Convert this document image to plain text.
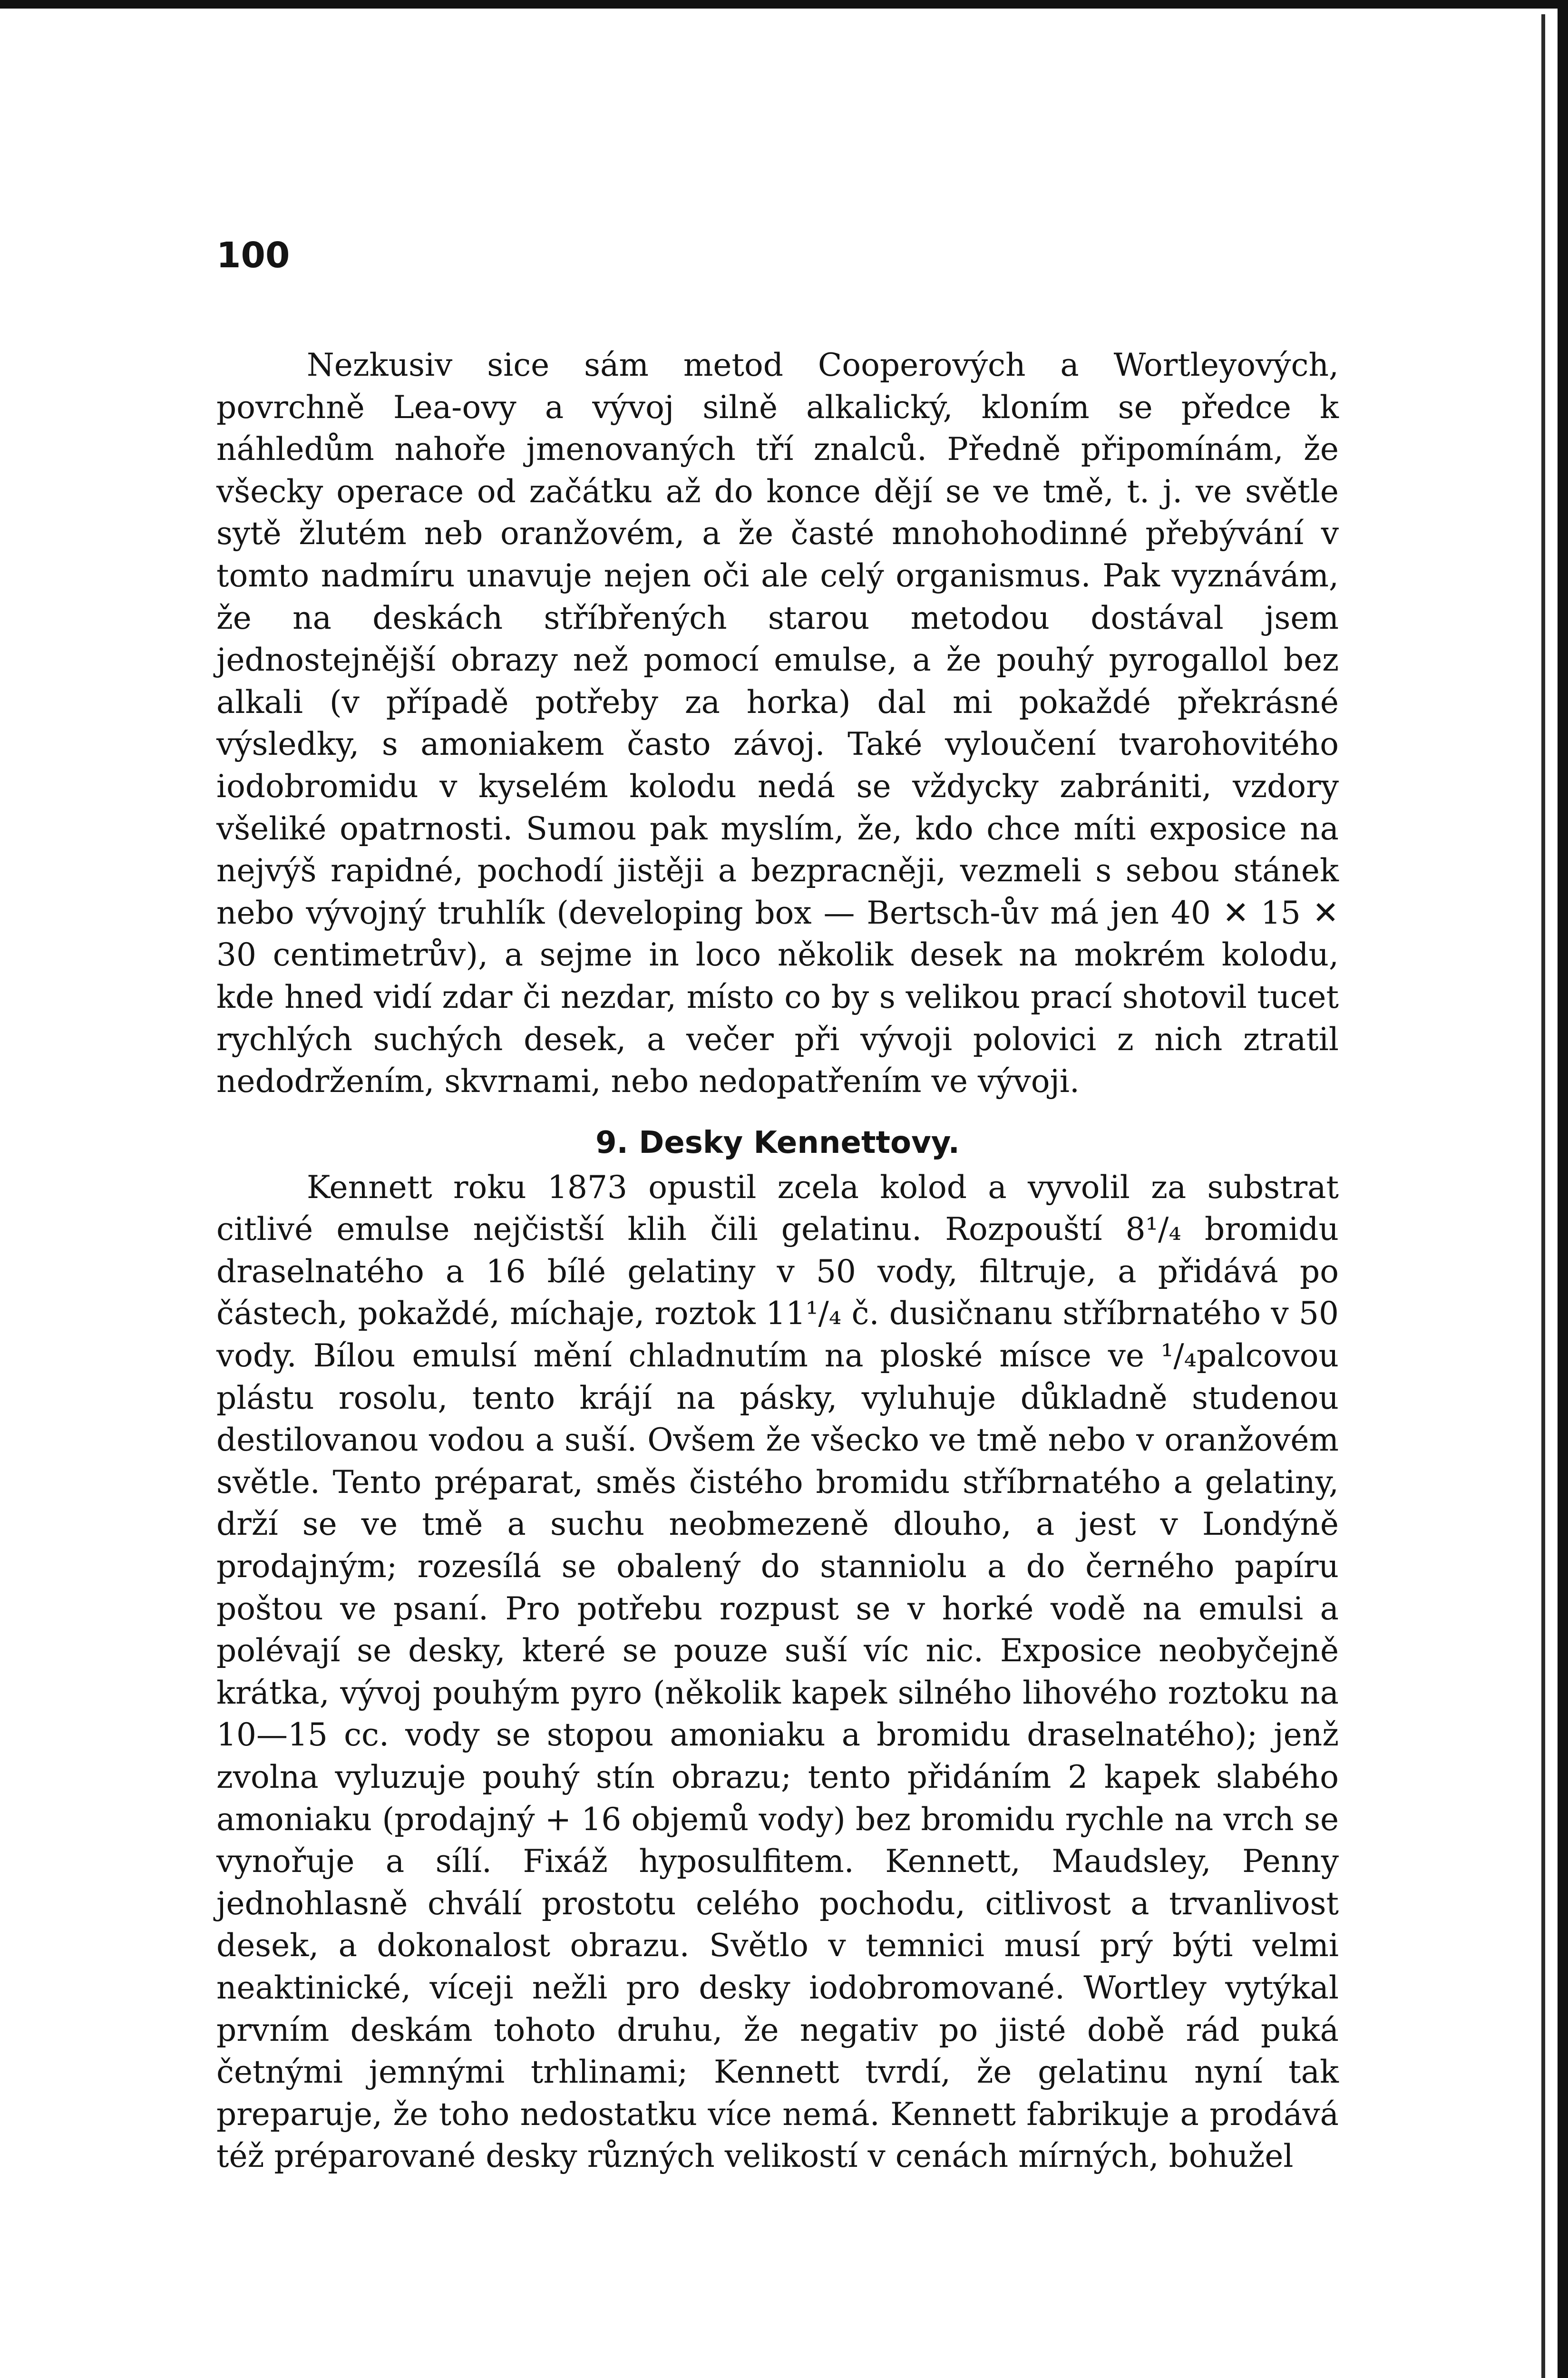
100

Nezkusiv sice sám metod Cooperových a Wortleyových, povrchně Lea-ovy a vývoj silně alkalický, kloním se předce k náhledům nahoře jmenovaných tří znalců. Předně připomínám, že všecky operace od začátku až do konce dějí se ve tmě, t. j. ve světle sytě žlutém neb oranžovém, a že časté mnohohodinné přebývání v tomto nadmíru unavuje nejen oči ale celý organismus. Pak vyznávám, že na deskách stříbřených starou metodou dostával jsem jednostejnější obrazy než pomocí emulse, a že pouhý pyrogallol bez alkali (v případě potřeby za horka) dal mi pokaždé překrásné výsledky, s amoniakem často závoj. Také vyloučení tvarohovitého iodobromidu v kyselém kolodu nedá se vždycky zabrániti, vzdory všeliké opatrnosti. Sumou pak myslím, že, kdo chce míti exposice na nejvýš rapidné, pochodí jistěji a bezpracněji, vezmeli s sebou stánek nebo vývojný truhlík (developing box — Bertsch-ův má jen 40 ✕ 15 ✕ 30 centimetrův), a sejme in loco několik desek na mokrém kolodu, kde hned vidí zdar či nezdar, místo co by s velikou prací shotovil tucet rychlých suchých desek, a večer při vývoji polovici z nich ztratil nedodržením, skvrnami, nebo nedopatřením ve vývoji.

9. Desky Kennettovy.

Kennett roku 1873 opustil zcela kolod a vyvolil za substrat citlivé emulse nejčistší klih čili gelatinu. Rozpouští 8¹/₄ bromidu draselnatého a 16 bílé gelatiny v 50 vody, filtruje, a přidává po částech, pokaždé, míchaje, roztok 11¹/₄ č. dusičnanu stříbrnatého v 50 vody. Bílou emulsí mění chladnutím na ploské mísce ve ¹/₄palcovou plástu rosolu, tento krájí na pásky, vyluhuje důkladně studenou destilovanou vodou a suší. Ovšem že všecko ve tmě nebo v oranžovém světle. Tento préparat, směs čistého bromidu stříbrnatého a gelatiny, drží se ve tmě a suchu neobmezeně dlouho, a jest v Londýně prodajným; rozesílá se obalený do stanniolu a do černého papíru poštou ve psaní. Pro potřebu rozpust se v horké vodě na emulsi a polévají se desky, které se pouze suší víc nic. Exposice neobyčejně krátka, vývoj pouhým pyro (několik kapek silného lihového roztoku na 10—15 cc. vody se stopou amoniaku a bromidu draselnatého); jenž zvolna vyluzuje pouhý stín obrazu; tento přidáním 2 kapek slabého amoniaku (prodajný + 16 objemů vody) bez bromidu rychle na vrch se vynořuje a sílí. Fixáž hyposulfitem. Kennett, Maudsley, Penny jednohlasně chválí prostotu celého pochodu, citlivost a trvanlivost desek, a dokonalost obrazu. Světlo v temnici musí prý býti velmi neaktinické, víceji nežli pro desky iodobromované. Wortley vytýkal prvním deskám tohoto druhu, že negativ po jisté době rád puká četnými jemnými trhlinami; Kennett tvrdí, že gelatinu nyní tak preparuje, že toho nedostatku více nemá. Kennett fabrikuje a prodává též préparované desky různých velikostí v cenách mírných, bohužel
